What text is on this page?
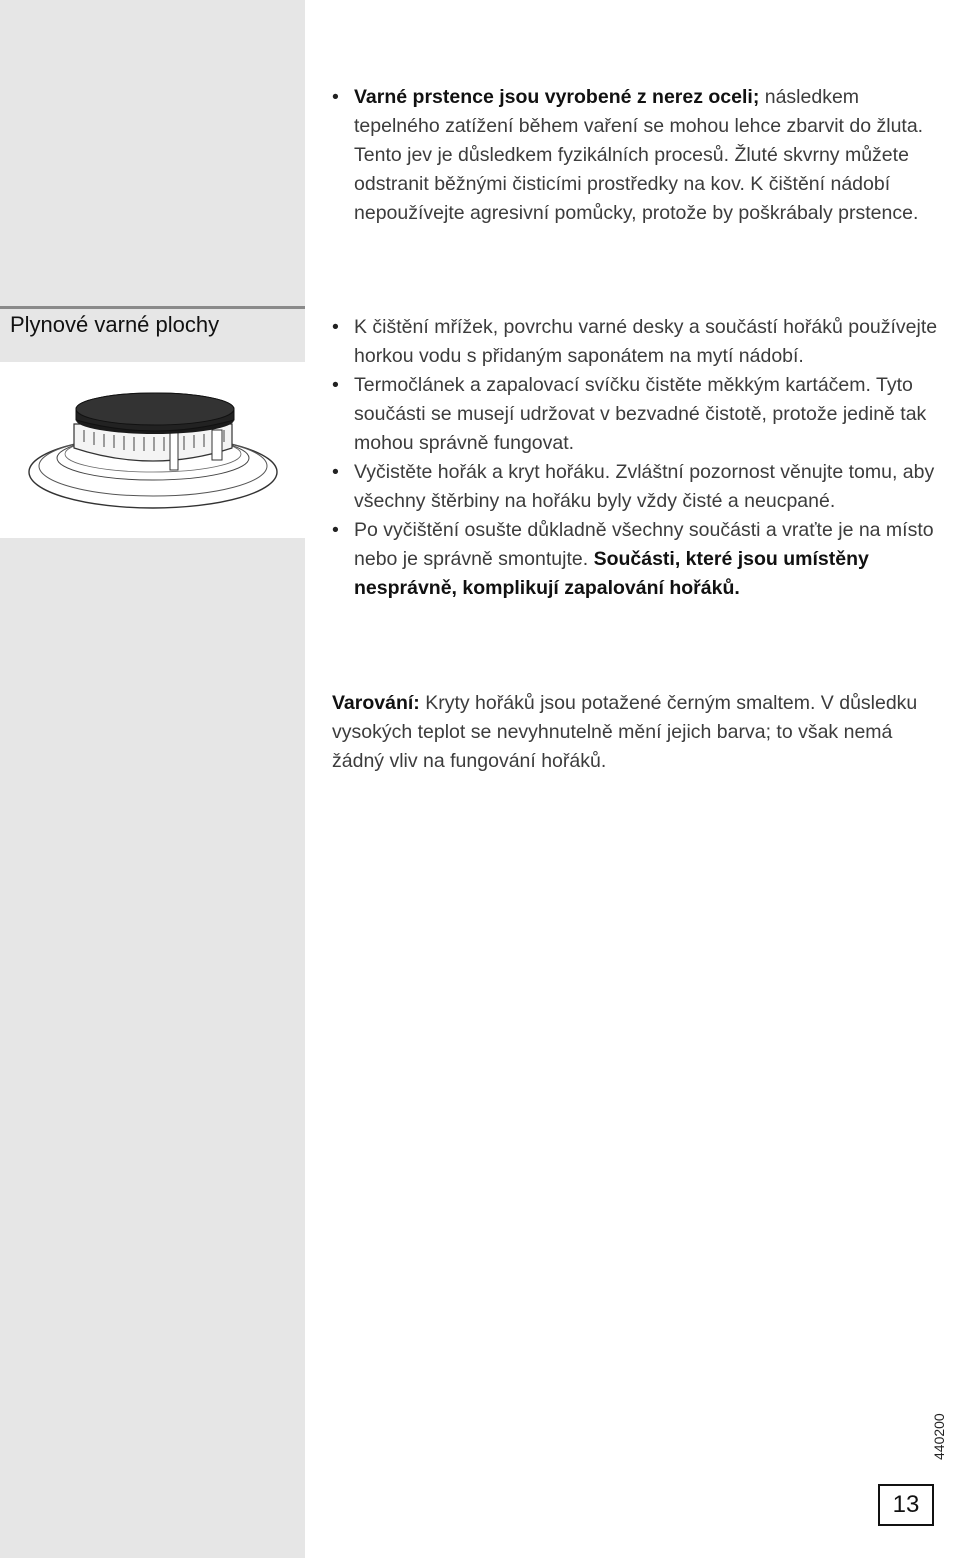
Plynové varné plochy
• Varné prstence jsou vyrobené z nerez oceli; následkem tepelného zatížení během vaření se mohou lehce zbarvit do žluta. Tento jev je důsledkem fyzikálních procesů. Žluté skvrny můžete odstranit běžnými čisticími prostředky na kov. K čištění nádobí nepoužívejte agresivní pomůcky, protože by poškrábaly prstence.
• K čištění mřížek, povrchu varné desky a součástí hořáků používejte horkou vodu s přidaným saponátem na mytí nádobí.
• Termočlánek a zapalovací svíčku čistěte měkkým kartáčem. Tyto součásti se musejí udržovat v bezvadné čistotě, protože jedině tak mohou správně fungovat.
• Vyčistěte hořák a kryt hořáku. Zvláštní pozornost věnujte tomu, aby všechny štěrbiny na hořáku byly vždy čisté a neucpané.
• Po vyčištění osušte důkladně všechny součásti a vraťte je na místo nebo je správně smontujte. Součásti, které jsou umístěny nesprávně, komplikují zapalování hořáků.
Varování: Kryty hořáků jsou potažené černým smaltem. V důsledku vysokých teplot se nevyhnutelně mění jejich barva; to však nemá žádný vliv na fungování hořáků.
440200
13
